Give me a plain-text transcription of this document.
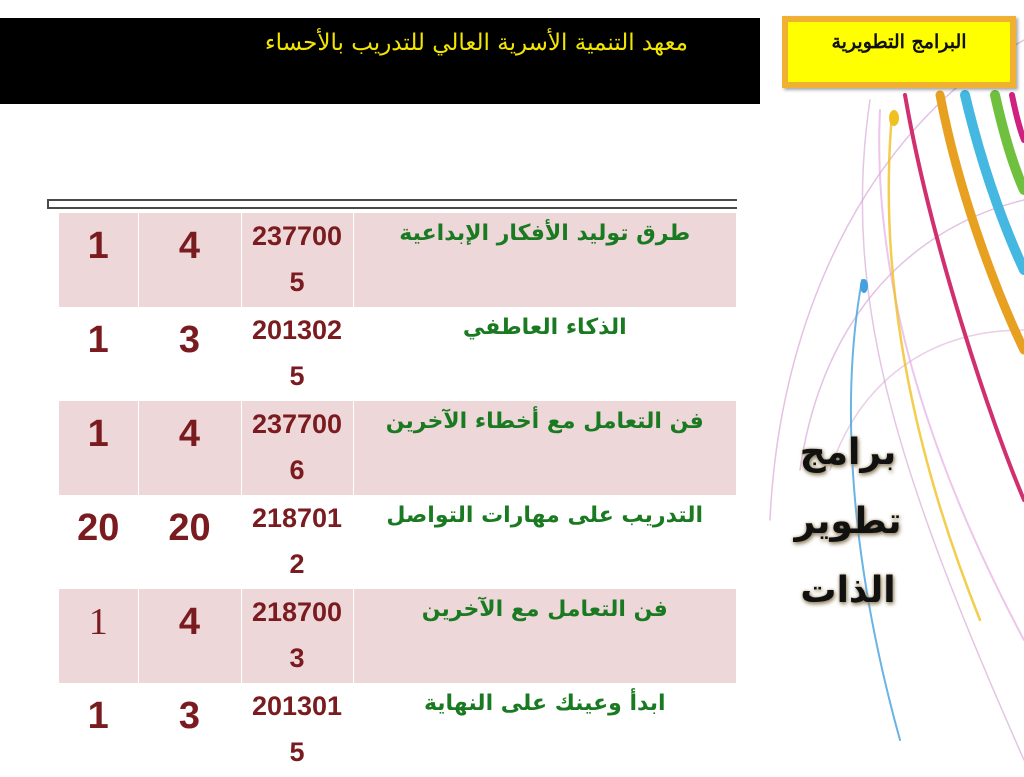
معهد التنمية الأسرية العالي للتدريب بالأحساء	البرامج التطويرية
1	4	2377005	طرق توليد الأفكار الإبداعية
1	3	2013025	الذكاء العاطفي
1	4	2377006	فن التعامل مع أخطاء الآخرين
20	20	2187012	التدريب على مهارات التواصل
1	4	2187003	فن التعامل مع الآخرين
1	3	2013015	ابدأ وعينك على النهاية
برامج
تطوير
الذات
